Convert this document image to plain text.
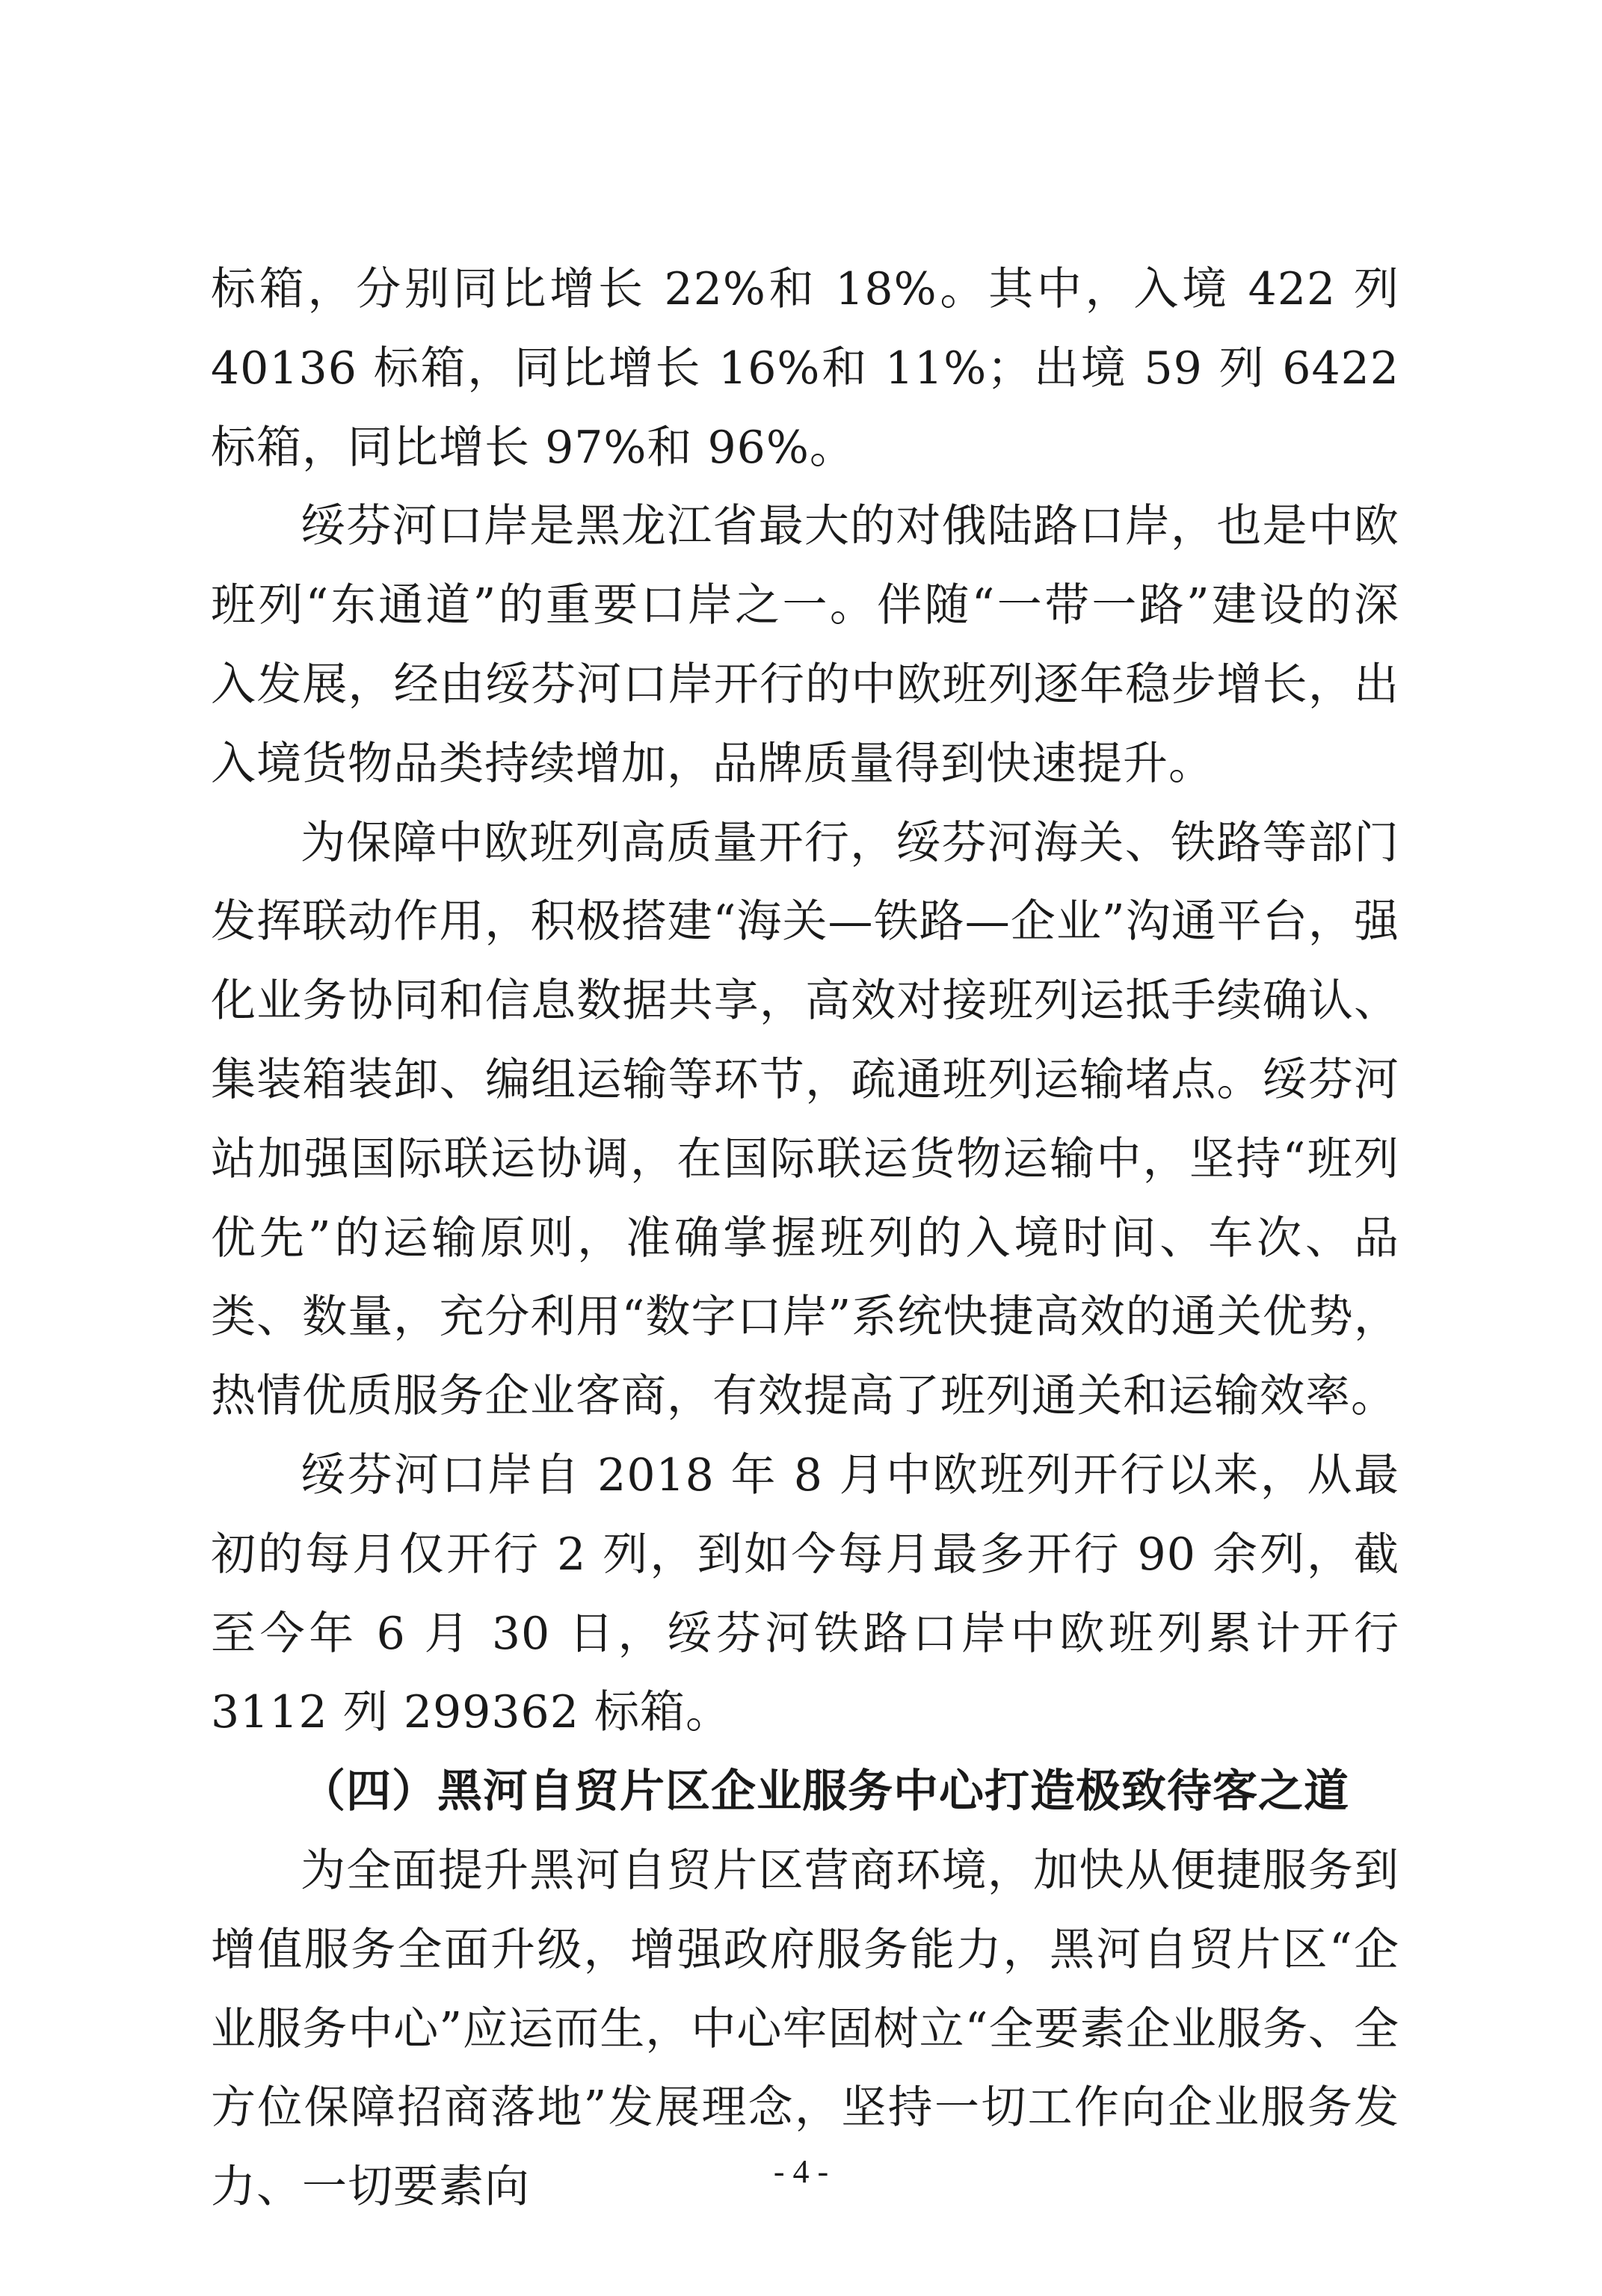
标箱，分别同比增长 22%和 18%。其中，入境 422 列 40136 标箱，同比增长 16%和 11%；出境 59 列 6422 标箱，同比增长 97%和 96%。

绥芬河口岸是黑龙江省最大的对俄陆路口岸，也是中欧班列“东通道”的重要口岸之一。伴随“一带一路”建设的深入发展，经由绥芬河口岸开行的中欧班列逐年稳步增长，出入境货物品类持续增加，品牌质量得到快速提升。

为保障中欧班列高质量开行，绥芬河海关、铁路等部门发挥联动作用，积极搭建“海关—铁路—企业”沟通平台，强化业务协同和信息数据共享，高效对接班列运抵手续确认、集装箱装卸、编组运输等环节，疏通班列运输堵点。绥芬河站加强国际联运协调，在国际联运货物运输中，坚持“班列优先”的运输原则，准确掌握班列的入境时间、车次、品类、数量，充分利用“数字口岸”系统快捷高效的通关优势，热情优质服务企业客商，有效提高了班列通关和运输效率。

绥芬河口岸自 2018 年 8 月中欧班列开行以来，从最初的每月仅开行 2 列，到如今每月最多开行 90 余列，截至今年 6 月 30 日，绥芬河铁路口岸中欧班列累计开行 3112 列 299362 标箱。

（四）黑河自贸片区企业服务中心打造极致待客之道

为全面提升黑河自贸片区营商环境，加快从便捷服务到增值服务全面升级，增强政府服务能力，黑河自贸片区“企业服务中心”应运而生，中心牢固树立“全要素企业服务、全方位保障招商落地”发展理念，坚持一切工作向企业服务发力、一切要素向	- 4 -
